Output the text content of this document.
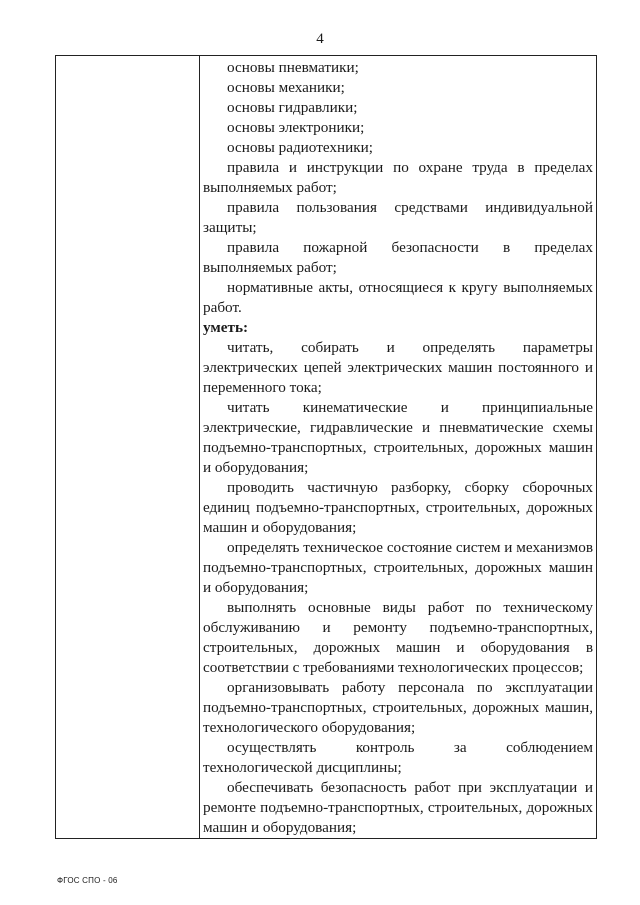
4

основы пневматики;

основы механики;

основы гидравлики;

основы электроники;

основы радиотехники;

правила и инструкции по охране труда в пределах выполняемых работ;

правила пользования средствами индивидуальной защиты;

правила пожарной безопасности в пределах выполняемых работ;

нормативные акты, относящиеся к кругу выполняемых работ.

уметь:

читать, собирать и определять параметры электрических цепей электрических машин постоянного и переменного тока;

читать кинематические и принципиальные электрические, гидравлические и пневматические схемы подъемно-транспортных, строительных, дорожных машин и оборудования;

проводить частичную разборку, сборку сборочных единиц подъемно-транспортных, строительных, дорожных машин и оборудования;

определять техническое состояние систем и механизмов подъемно-транспортных, строительных, дорожных машин и оборудования;

выполнять основные виды работ по техническому обслуживанию и ремонту подъемно-транспортных, строительных, дорожных машин и оборудования в соответствии с требованиями технологических процессов;

организовывать работу персонала по эксплуатации подъемно-транспортных, строительных, дорожных машин, технологического оборудования;

осуществлять контроль за соблюдением технологической дисциплины;

обеспечивать безопасность работ при эксплуатации и ремонте подъемно-транспортных, строительных, дорожных машин и оборудования;

ФГОС СПО - 06
